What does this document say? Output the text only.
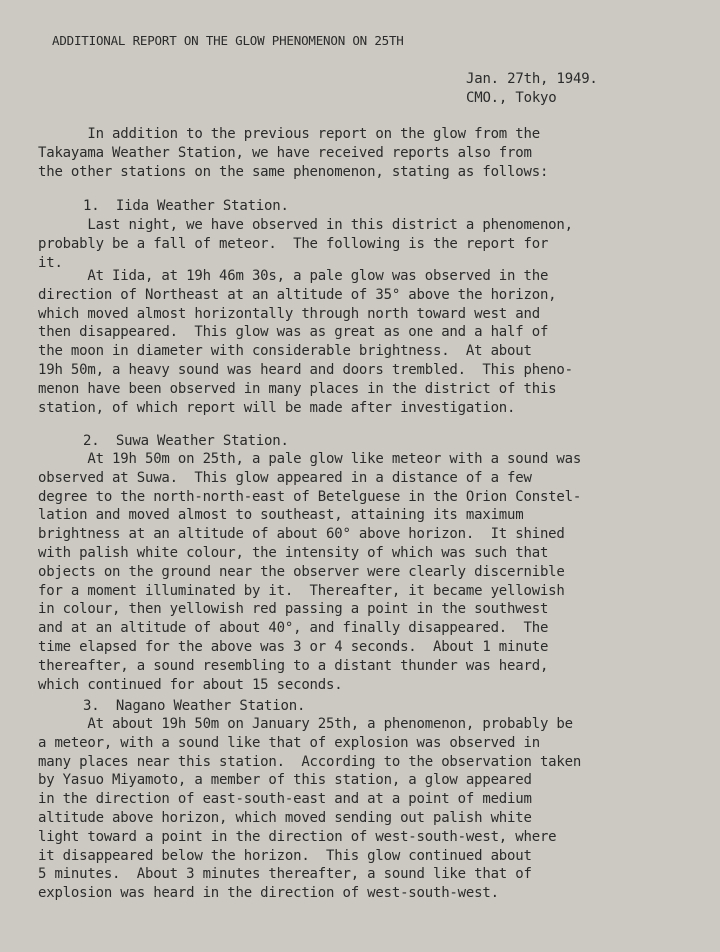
ADDITIONAL REPORT ON THE GLOW PHENOMENON ON 25TH
Jan. 27th, 1949.
CMO., Tokyo
In addition to the previous report on the glow from the
Takayama Weather Station, we have received reports also from
the other stations on the same phenomenon, stating as follows:
1.  Iida Weather Station.
Last night, we have observed in this district a phenomenon,
probably be a fall of meteor.  The following is the report for
it.
At Iida, at 19h 46m 30s, a pale glow was observed in the
direction of Northeast at an altitude of 35° above the horizon,
which moved almost horizontally through north toward west and
then disappeared.  This glow was as great as one and a half of
the moon in diameter with considerable brightness.  At about
19h 50m, a heavy sound was heard and doors trembled.  This pheno-
menon have been observed in many places in the district of this
station, of which report will be made after investigation.
2.  Suwa Weather Station.
At 19h 50m on 25th, a pale glow like meteor with a sound was
observed at Suwa.  This glow appeared in a distance of a few
degree to the north-north-east of Betelguese in the Orion Constel-
lation and moved almost to southeast, attaining its maximum
brightness at an altitude of about 60° above horizon.  It shined
with palish white colour, the intensity of which was such that
objects on the ground near the observer were clearly discernible
for a moment illuminated by it.  Thereafter, it became yellowish
in colour, then yellowish red passing a point in the southwest
and at an altitude of about 40°, and finally disappeared.  The
time elapsed for the above was 3 or 4 seconds.  About 1 minute
thereafter, a sound resembling to a distant thunder was heard,
which continued for about 15 seconds.
3.  Nagano Weather Station.
At about 19h 50m on January 25th, a phenomenon, probably be
a meteor, with a sound like that of explosion was observed in
many places near this station.  According to the observation taken
by Yasuo Miyamoto, a member of this station, a glow appeared
in the direction of east-south-east and at a point of medium
altitude above horizon, which moved sending out palish white
light toward a point in the direction of west-south-west, where
it disappeared below the horizon.  This glow continued about
5 minutes.  About 3 minutes thereafter, a sound like that of
explosion was heard in the direction of west-south-west.
